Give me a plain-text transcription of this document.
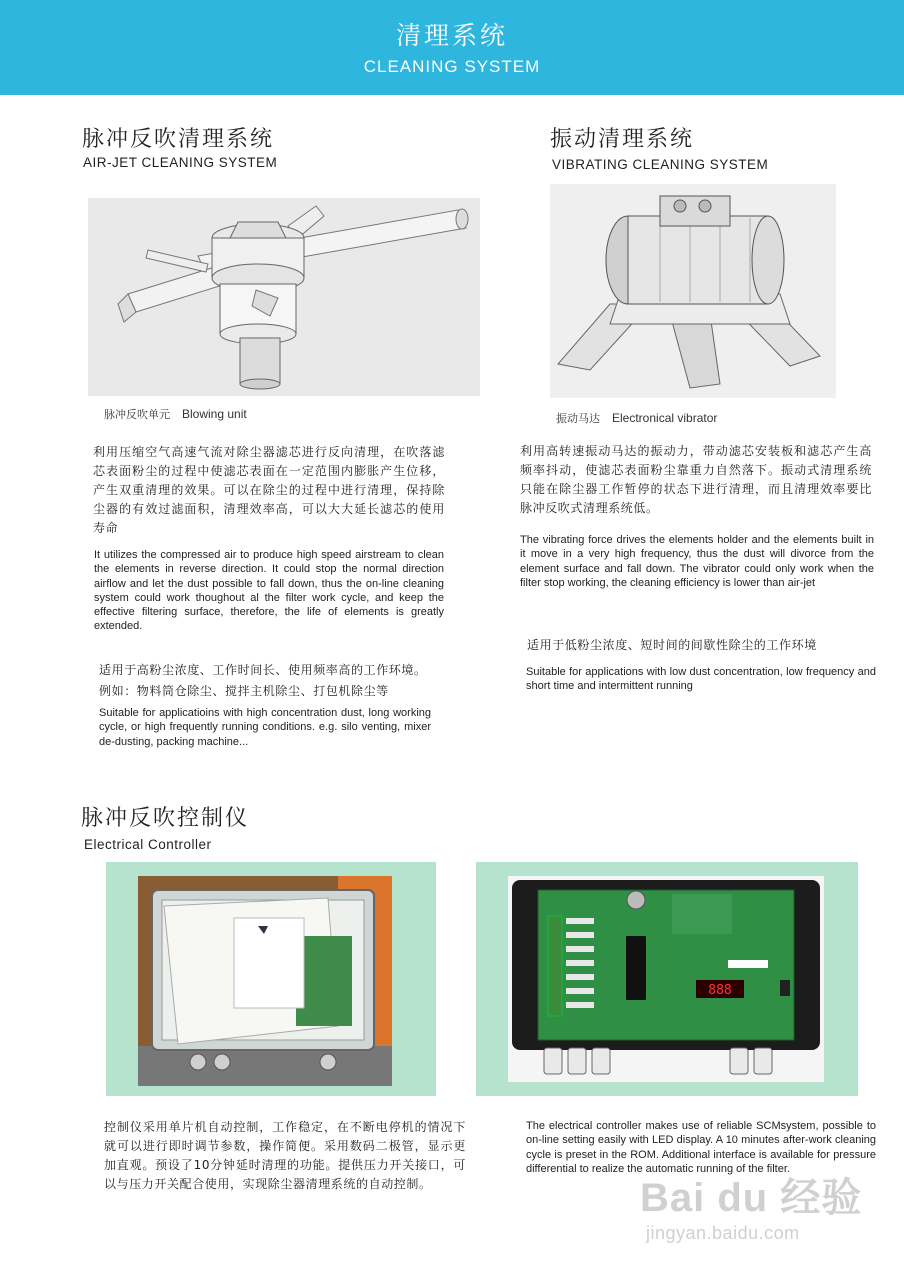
清理系统
CLEANING SYSTEM
脉冲反吹清理系统
AIR-JET CLEANING SYSTEM
脉冲反吹单元 Blowing unit

利用压缩空气高速气流对除尘器滤芯进行反向清理，在吹落滤芯表面粉尘的过程中使滤芯表面在一定范围内膨胀产生位移，产生双重清理的效果。可以在除尘的过程中进行清理，保持除尘器的有效过滤面积，清理效率高，可以大大延长滤芯的使用寿命

It utilizes the compressed air to produce high speed airstream to clean the elements in reverse direction. It could stop the normal direction airflow and let the dust possible to fall down, thus the on-line cleaning system could work thoughout al the filter work cycle, and keep the effective filtering surface, therefore, the life of elements is greatly extended.

适用于高粉尘浓度、工作时间长、使用频率高的工作环境。
例如：物料筒仓除尘、搅拌主机除尘、打包机除尘等

Suitable for applicatioins with high concentration dust, long working cycle, or high frequently running conditions. e.g. silo venting, mixer de-dusting, packing machine...

振动清理系统
VIBRATING CLEANING SYSTEM
振动马达 Electronical vibrator

利用高转速振动马达的振动力，带动滤芯安装板和滤芯产生高频率抖动，使滤芯表面粉尘靠重力自然落下。振动式清理系统只能在除尘器工作暂停的状态下进行清理，而且清理效率要比脉冲反吹式清理系统低。

The vibrating force drives the elements holder and the elements built in it move in a very high frequency, thus the dust will divorce from the element surface and fall down. The vibrator could only work when the filter stop working, the cleaning efficiency is lower than air-jet

适用于低粉尘浓度、短时间的间歇性除尘的工作环境

Suitable for applications with low dust concentration, low frequency and short time and intermittent running

脉冲反吹控制仪
Electrical Controller
888

控制仪采用单片机自动控制，工作稳定，在不断电停机的情况下就可以进行即时调节参数，操作简便。采用数码二极管，显示更加直观。预设了10分钟延时清理的功能。提供压力开关接口，可以与压力开关配合使用，实现除尘器清理系统的自动控制。

The electrical controller makes use of reliable SCMsystem, possible to on-line setting easily with LED display. A 10 minutes after-work cleaning cycle is preset in the ROM. Additional interface is available for pressure differential to realize the automatic running of the filter.

Bai du 经验
jingyan.baidu.com
